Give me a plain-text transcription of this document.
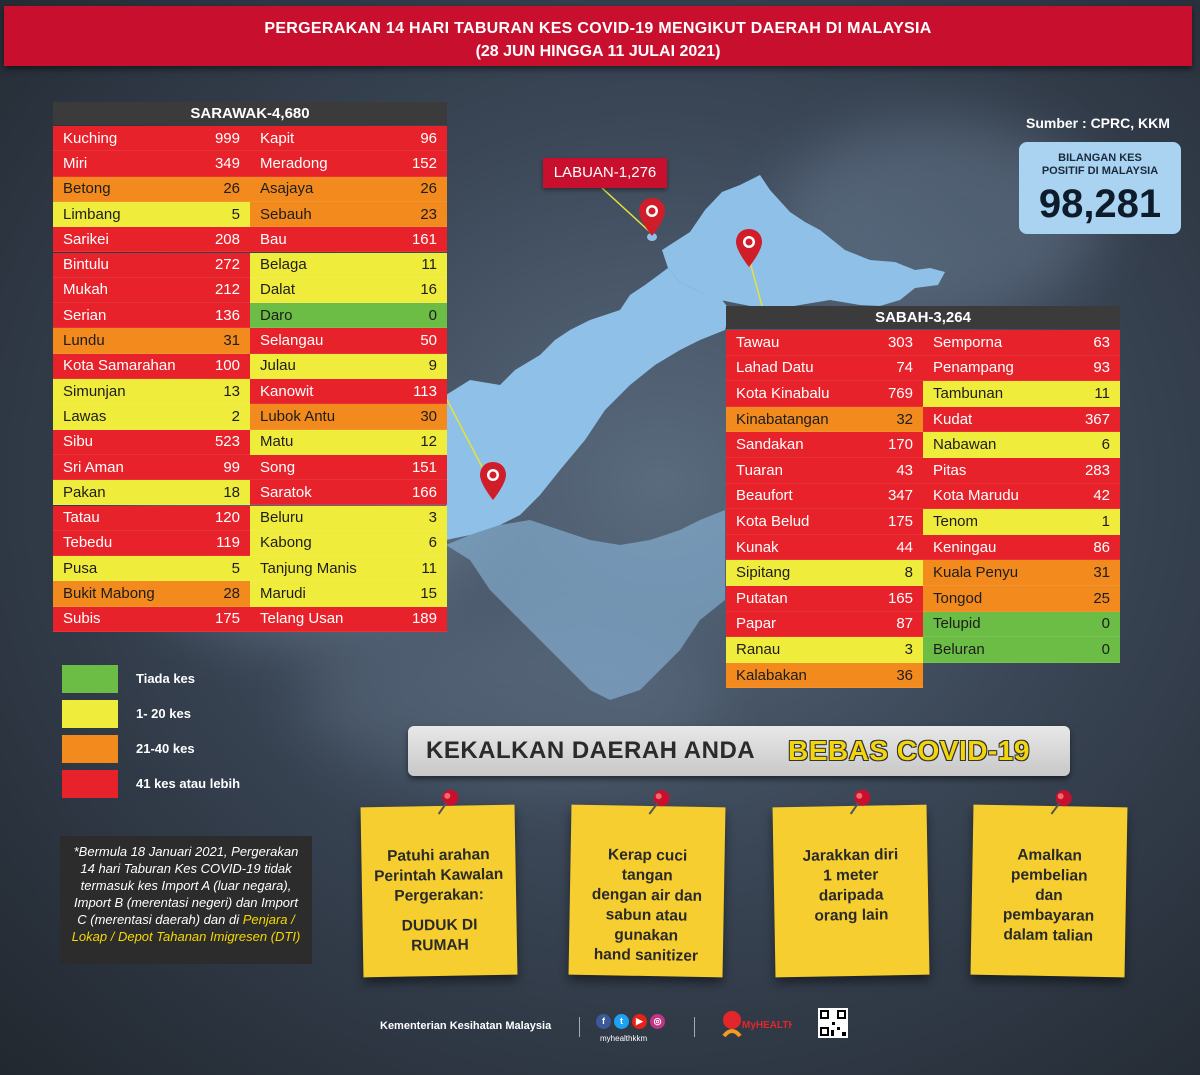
PERGERAKAN 14 HARI TABURAN KES COVID-19 MENGIKUT DAERAH DI MALAYSIA
(28 JUN HINGGA 11 JULAI 2021)
LABUAN-1,276
SARAWAK-4,680
Kuching	999
Miri	349
Betong	26
Limbang	5
Sarikei	208
Bintulu	272
Mukah	212
Serian	136
Lundu	31
Kota Samarahan	100
Simunjan	13
Lawas	2
Sibu	523
Sri Aman	99
Pakan	18
Tatau	120
Tebedu	119
Pusa	5
Bukit Mabong	28
Subis	175
Kapit	96
Meradong	152
Asajaya	26
Sebauh	23
Bau	161
Belaga	11
Dalat	16
Daro	0
Selangau	50
Julau	9
Kanowit	113
Lubok Antu	30
Matu	12
Song	151
Saratok	166
Beluru	3
Kabong	6
Tanjung Manis	11
Marudi	15
Telang Usan	189
SABAH-3,264
Tawau	303
Lahad Datu	74
Kota Kinabalu	769
Kinabatangan	32
Sandakan	170
Tuaran	43
Beaufort	347
Kota Belud	175
Kunak	44
Sipitang	8
Putatan	165
Papar	87
Ranau	3
Kalabakan	36
Semporna	63
Penampang	93
Tambunan	11
Kudat	367
Nabawan	6
Pitas	283
Kota Marudu	42
Tenom	1
Keningau	86
Kuala Penyu	31
Tongod	25
Telupid	0
Beluran	0
Sumber : CPRC, KKM
BILANGAN KES
POSITIF DI MALAYSIA
98,281
Tiada kes
1- 20 kes
21-40 kes
41 kes atau lebih
*Bermula 18 Januari 2021, Pergerakan 14 hari Taburan Kes COVID-19 tidak termasuk kes Import A (luar negara), Import B (merentasi negeri) dan Import C (merentasi daerah) dan di Penjara / Lokap / Depot Tahanan Imigresen (DTI)
KEKALKAN DAERAH ANDA BEBAS COVID-19
Patuhi arahan
Perintah Kawalan
Pergerakan:
DUDUK DI
RUMAH
Kerap cuci
tangan
dengan air dan
sabun atau
gunakan
hand sanitizer
Jarakkan diri
1 meter
daripada
orang lain
Amalkan
pembelian
dan
pembayaran
dalam talian
Kementerian Kesihatan Malaysia	f	t	▶	◎
myhealthkkm
MyHEALTH
